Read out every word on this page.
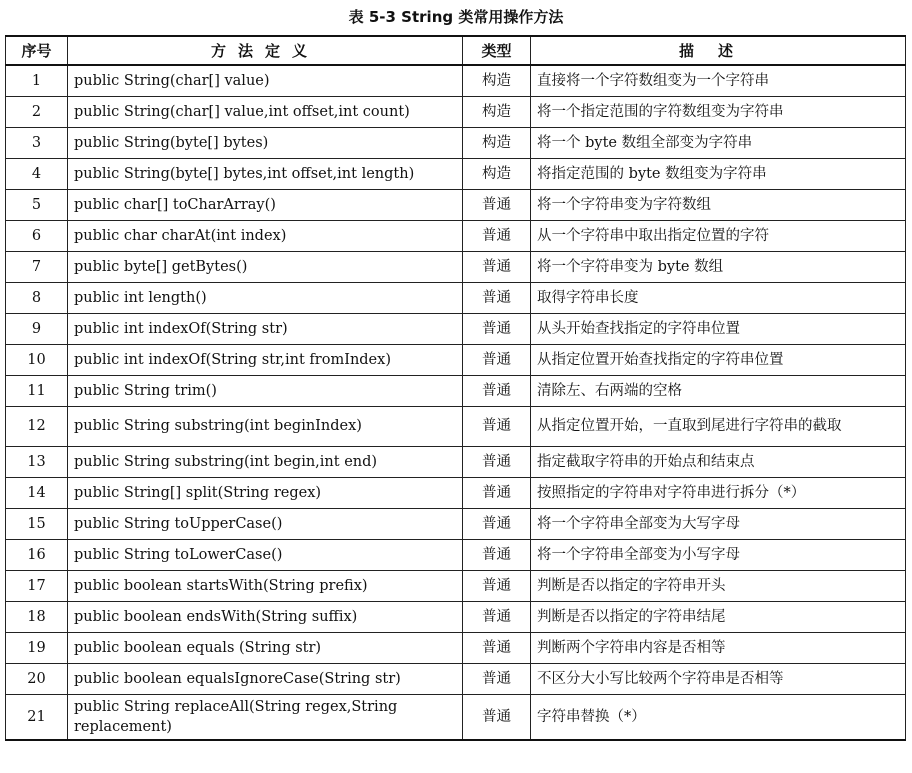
表 5-3 String 类常用操作方法
序号	方法定义	类型	描述
1	public String(char[] value)	构造	直接将一个字符数组变为一个字符串
2	public String(char[] value,int offset,int count)	构造	将一个指定范围的字符数组变为字符串
3	public String(byte[] bytes)	构造	将一个 byte 数组全部变为字符串
4	public String(byte[] bytes,int offset,int length)	构造	将指定范围的 byte 数组变为字符串
5	public char[] toCharArray()	普通	将一个字符串变为字符数组
6	public char charAt(int index)	普通	从一个字符串中取出指定位置的字符
7	public byte[] getBytes()	普通	将一个字符串变为 byte 数组
8	public int length()	普通	取得字符串长度
9	public int indexOf(String str)	普通	从头开始查找指定的字符串位置
10	public int indexOf(String str,int fromIndex)	普通	从指定位置开始查找指定的字符串位置
11	public String trim()	普通	清除左、右两端的空格
12	public String substring(int beginIndex)	普通	从指定位置开始，一直取到尾进行字符串的截取
13	public String substring(int begin,int end)	普通	指定截取字符串的开始点和结束点
14	public String[] split(String regex)	普通	按照指定的字符串对字符串进行拆分（*）
15	public String toUpperCase()	普通	将一个字符串全部变为大写字母
16	public String toLowerCase()	普通	将一个字符串全部变为小写字母
17	public boolean startsWith(String prefix)	普通	判断是否以指定的字符串开头
18	public boolean endsWith(String suffix)	普通	判断是否以指定的字符串结尾
19	public boolean equals (String str)	普通	判断两个字符串内容是否相等
20	public boolean equalsIgnoreCase(String str)	普通	不区分大小写比较两个字符串是否相等
21	public String replaceAll(String regex,String replacement)	普通	字符串替换（*）
